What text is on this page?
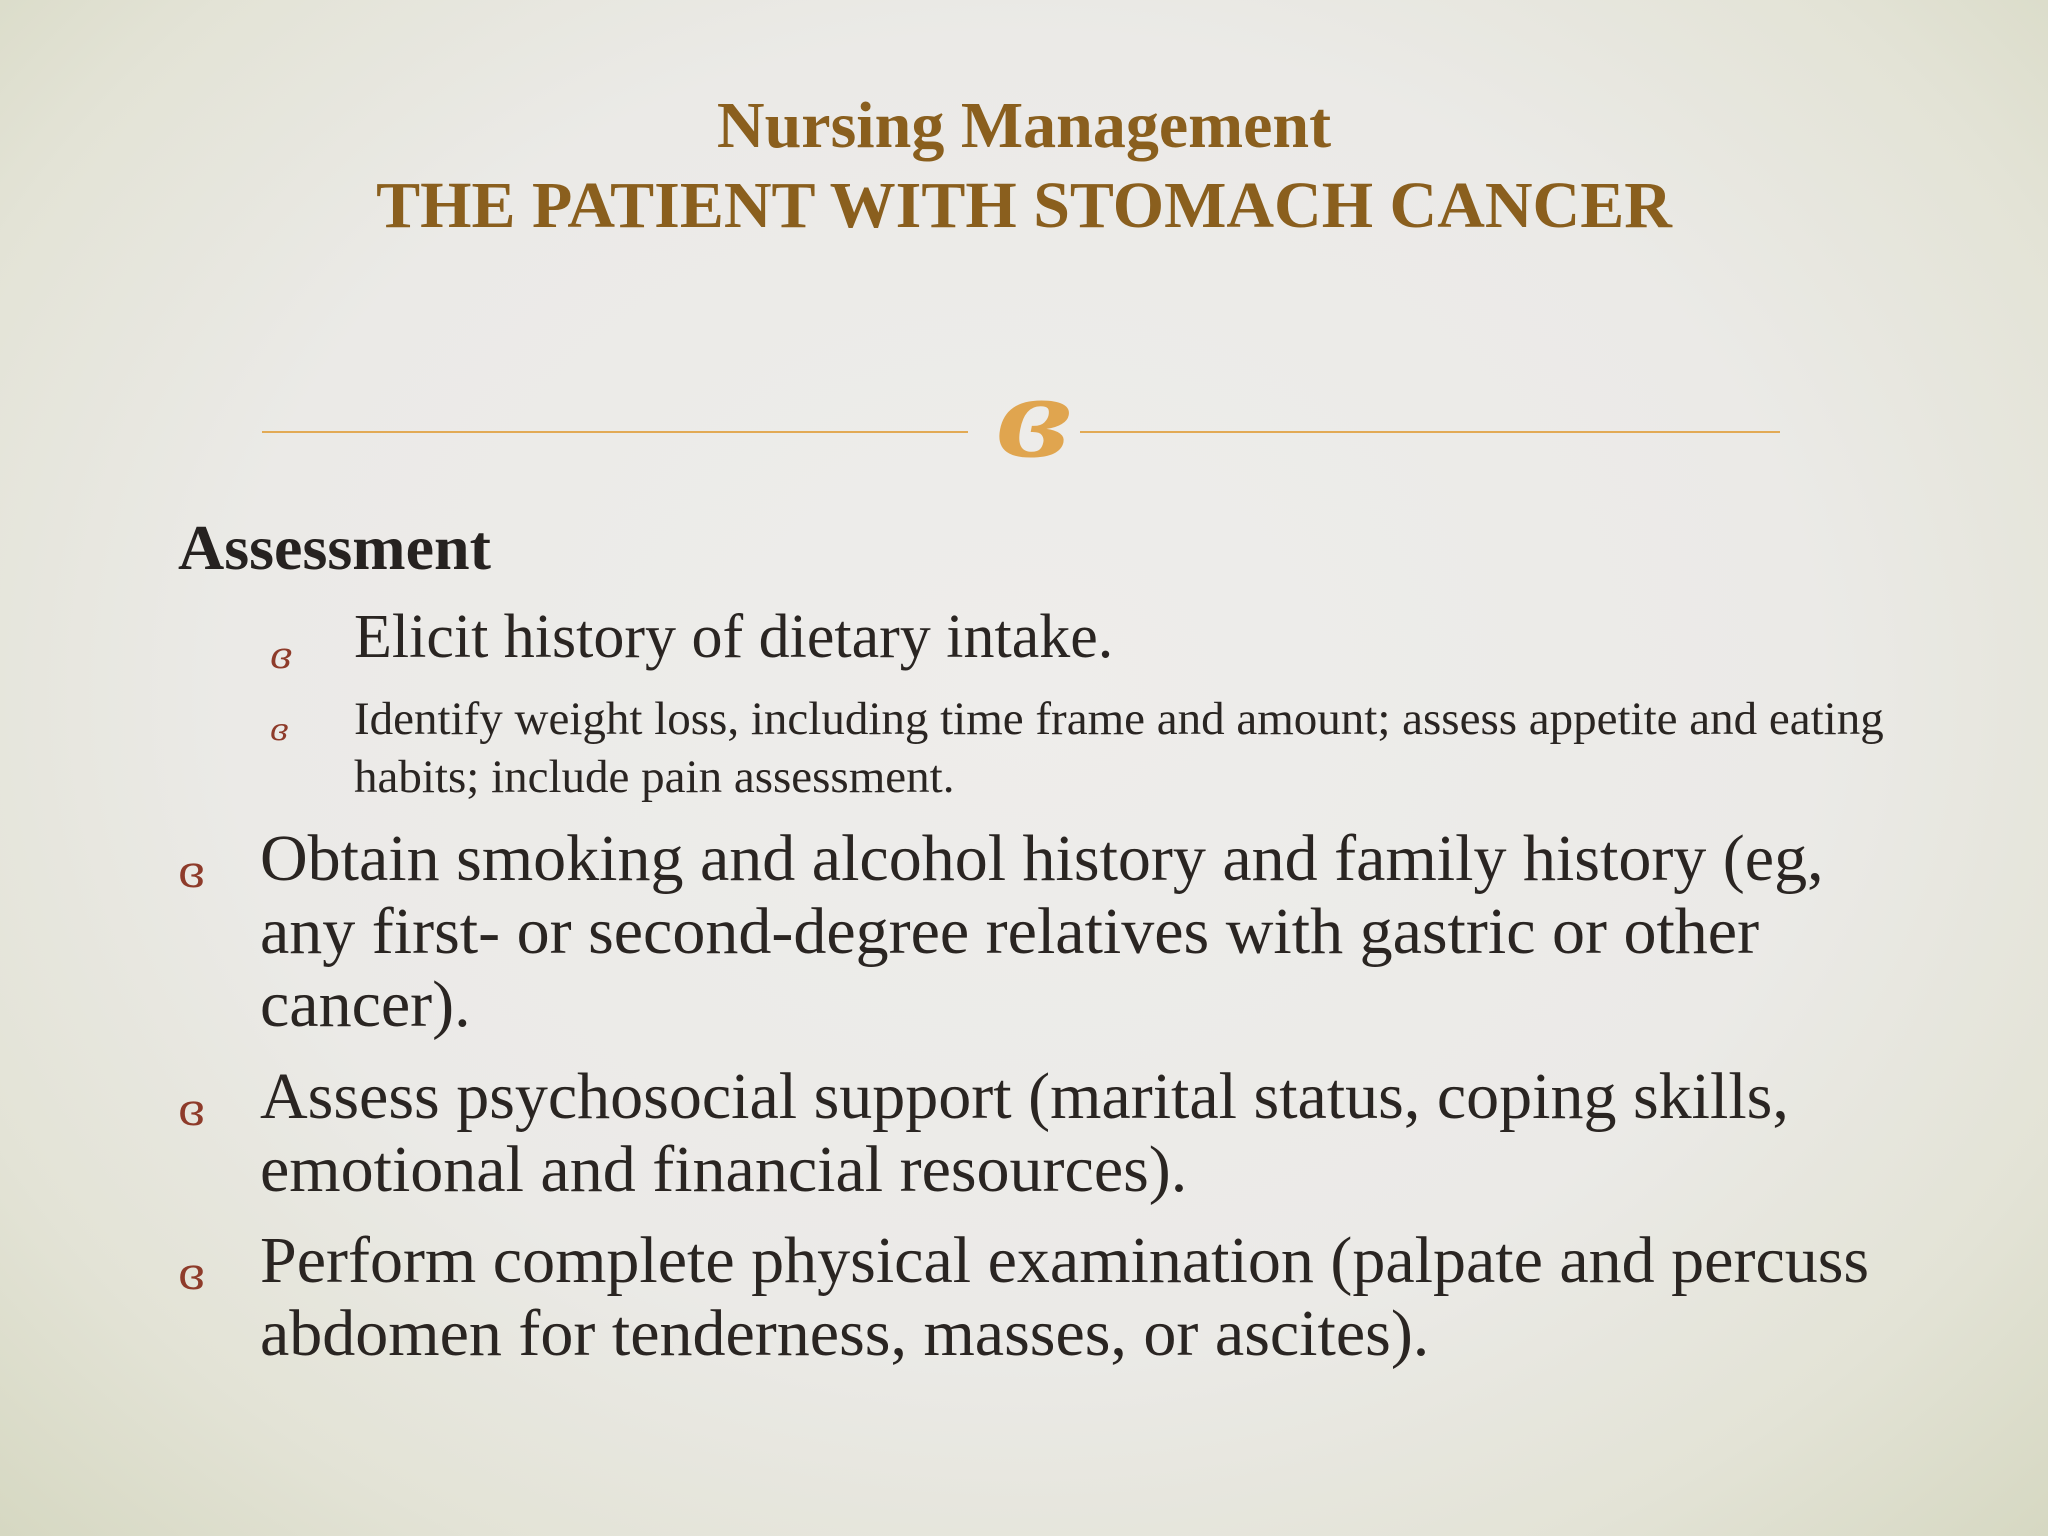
Nursing Management
THE PATIENT WITH STOMACH CANCER
ɞ
Assessment
ɞ Elicit history of dietary intake.
ɞ Identify weight loss, including time frame and amount; assess appetite and eating habits; include pain assessment.
ɞ Obtain smoking and alcohol history and family history (eg, any first- or second-degree relatives with gastric or other cancer).
ɞ Assess psychosocial support (marital status, coping skills, emotional and financial resources).
ɞ Perform complete physical examination (palpate and percuss abdomen for tenderness, masses, or ascites).
